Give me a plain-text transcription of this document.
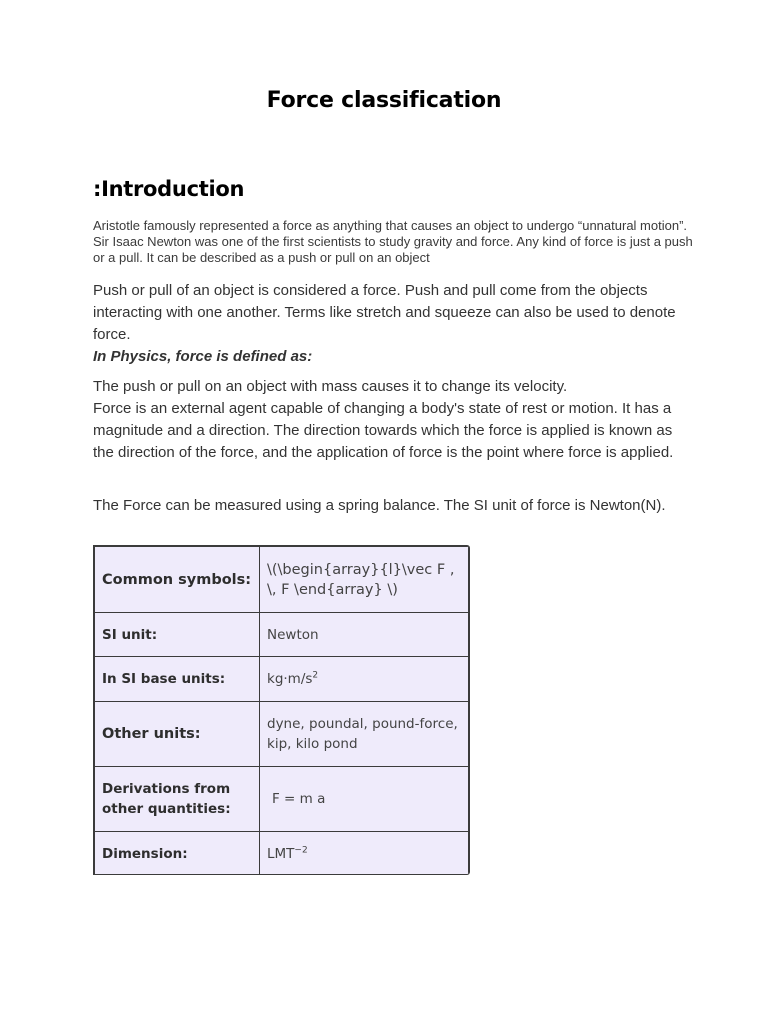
Force classification
:Introduction

Aristotle famously represented a force as anything that causes an object to undergo “unnatural motion”. Sir Isaac Newton was one of the first scientists to study gravity and force. Any kind of force is just a push or a pull. It can be described as a push or pull on an object

Push or pull of an object is considered a force. Push and pull come from the objects interacting with one another. Terms like stretch and squeeze can also be used to denote force.

In Physics, force is defined as:

The push or pull on an object with mass causes it to change its velocity.
Force is an external agent capable of changing a body's state of rest or motion. It has a magnitude and a direction. The direction towards which the force is applied is known as the direction of the force, and the application of force is the point where force is applied.

The Force can be measured using a spring balance. The SI unit of force is Newton(N).

Common symbols:	\(\begin{array}{l}\vec F , \, F \end{array} \)
SI unit:	Newton
In SI base units:	$kg\cdot m/s^2$
Other units:	dyne, poundal, pound-force, kip, kilo pond
Derivations from other quantities:	F = m a
Dimension:	$LMT^{-2}$
